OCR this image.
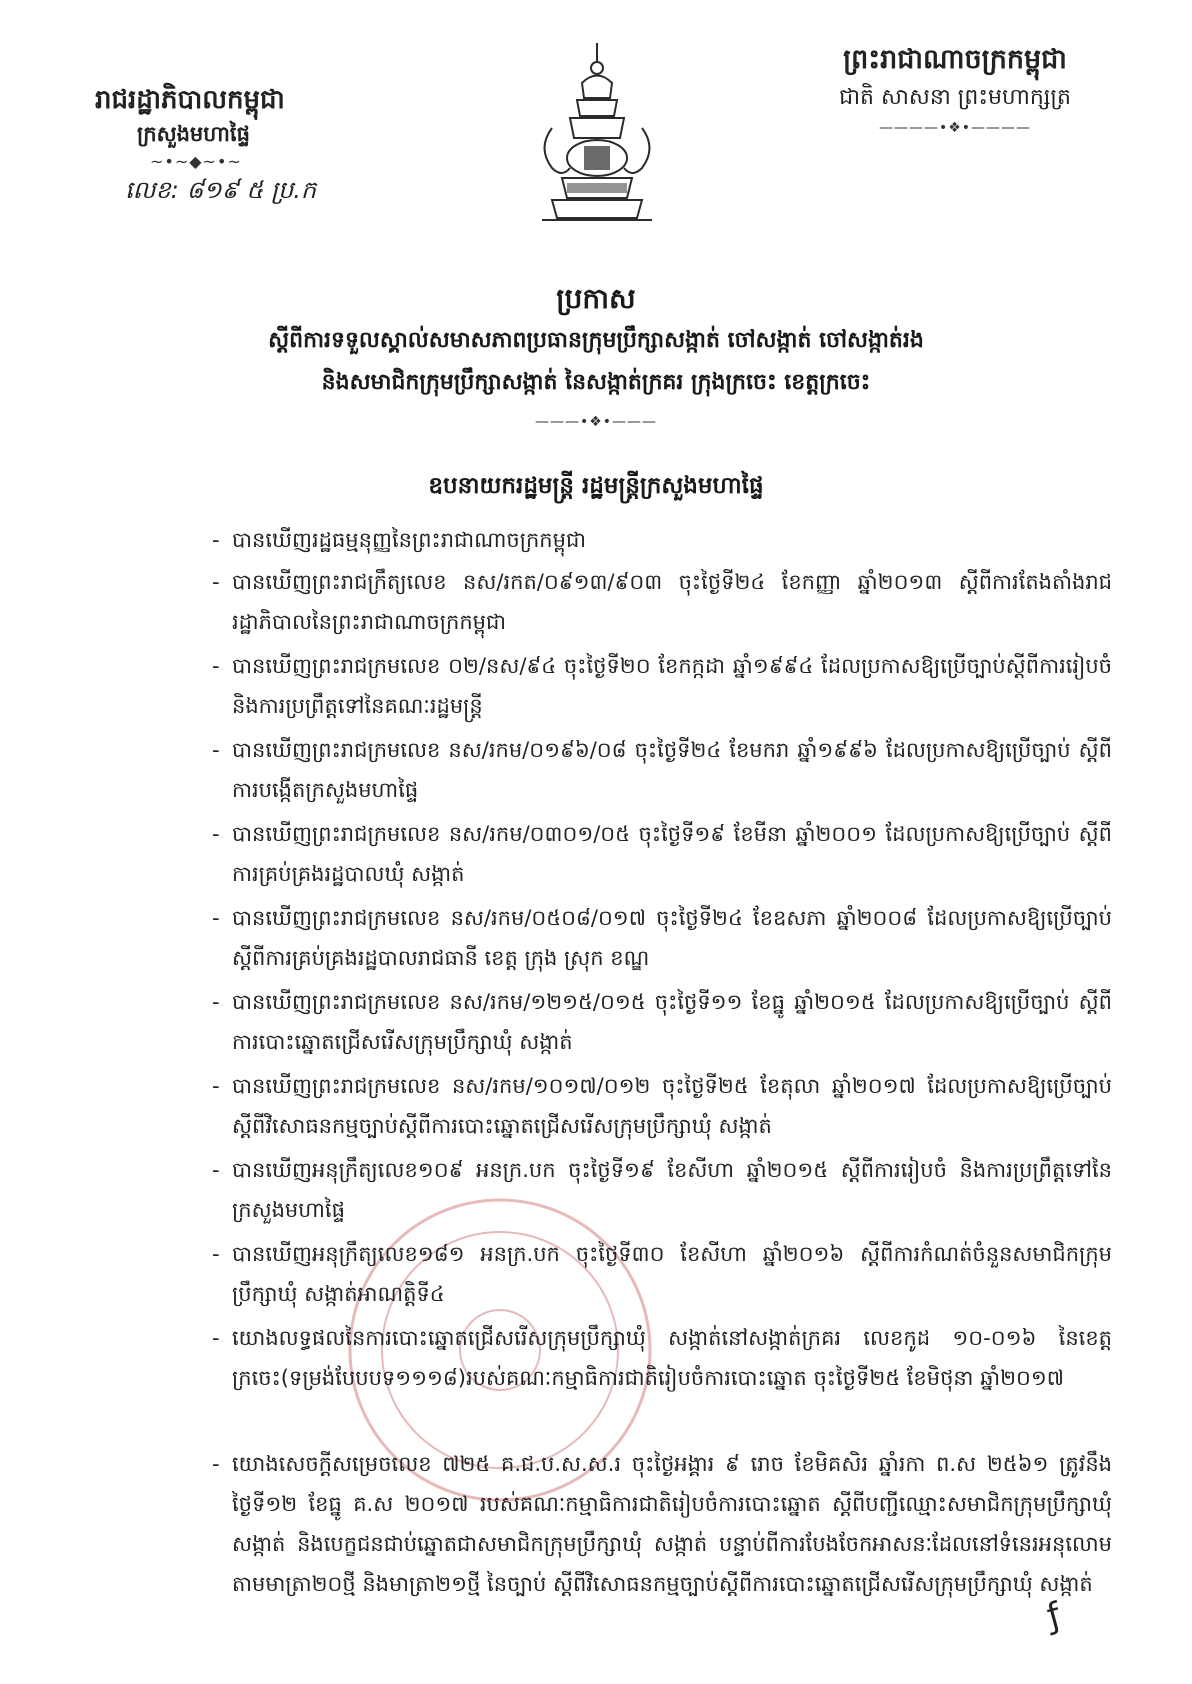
រាជរដ្ឋាភិបាលកម្ពុជា
ក្រសួងមហាផ្ទៃ
~•~◆~•~
លេខ: ៨១៩ ៥ ប្រ.ក
ព្រះរាជាណាចក្រកម្ពុជា
ជាតិ សាសនា ព្រះមហាក្សត្រ
————•❖•————
ប្រកាស
ស្តីពីការទទួលស្គាល់សមាសភាពប្រធានក្រុមប្រឹក្សាសង្កាត់ ចៅសង្កាត់ ចៅសង្កាត់រង
និងសមាជិកក្រុមប្រឹក្សាសង្កាត់ នៃសង្កាត់ក្រគរ ក្រុងក្រចេះ ខេត្តក្រចេះ
———•❖•———
ឧបនាយករដ្ឋមន្ត្រី រដ្ឋមន្ត្រីក្រសួងមហាផ្ទៃ
- បានឃើញរដ្ឋធម្មនុញ្ញនៃព្រះរាជាណាចក្រកម្ពុជា
- បានឃើញព្រះរាជក្រឹត្យលេខ នស/រកត/០៩១៣/៩០៣ ចុះថ្ងៃទី២៤ ខែកញ្ញា ឆ្នាំ២០១៣ ស្តីពីការតែងតាំងរាជរដ្ឋាភិបាលនៃព្រះរាជាណាចក្រកម្ពុជា
- បានឃើញព្រះរាជក្រមលេខ ០២/នស/៩៤ ចុះថ្ងៃទី២០ ខែកក្កដា ឆ្នាំ១៩៩៤ ដែលប្រកាសឱ្យប្រើច្បាប់ស្តីពីការរៀបចំ និងការប្រព្រឹត្តទៅនៃគណៈរដ្ឋមន្ត្រី
- បានឃើញព្រះរាជក្រមលេខ នស/រកម/០១៩៦/០៨ ចុះថ្ងៃទី២៤ ខែមករា ឆ្នាំ១៩៩៦ ដែលប្រកាសឱ្យប្រើច្បាប់ ស្តីពីការបង្កើតក្រសួងមហាផ្ទៃ
- បានឃើញព្រះរាជក្រមលេខ នស/រកម/០៣០១/០៥ ចុះថ្ងៃទី១៩ ខែមីនា ឆ្នាំ២០០១ ដែលប្រកាសឱ្យប្រើច្បាប់ ស្តីពីការគ្រប់គ្រងរដ្ឋបាលឃុំ សង្កាត់
- បានឃើញព្រះរាជក្រមលេខ នស/រកម/០៥០៨/០១៧ ចុះថ្ងៃទី២៤ ខែឧសភា ឆ្នាំ២០០៨ ដែលប្រកាសឱ្យប្រើច្បាប់ ស្តីពីការគ្រប់គ្រងរដ្ឋបាលរាជធានី ខេត្ត ក្រុង ស្រុក ខណ្ឌ
- បានឃើញព្រះរាជក្រមលេខ នស/រកម/១២១៥/០១៥ ចុះថ្ងៃទី១១ ខែធ្នូ ឆ្នាំ២០១៥ ដែលប្រកាសឱ្យប្រើច្បាប់ ស្តីពីការបោះឆ្នោតជ្រើសរើសក្រុមប្រឹក្សាឃុំ សង្កាត់
- បានឃើញព្រះរាជក្រមលេខ នស/រកម/១០១៧/០១២ ចុះថ្ងៃទី២៥ ខែតុលា ឆ្នាំ២០១៧ ដែលប្រកាសឱ្យប្រើច្បាប់ ស្តីពីវិសោធនកម្មច្បាប់ស្តីពីការបោះឆ្នោតជ្រើសរើសក្រុមប្រឹក្សាឃុំ សង្កាត់
- បានឃើញអនុក្រឹត្យលេខ១០៩ អនក្រ.បក ចុះថ្ងៃទី១៩ ខែសីហា ឆ្នាំ២០១៥ ស្តីពីការរៀបចំ និងការប្រព្រឹត្តទៅនៃក្រសួងមហាផ្ទៃ
- បានឃើញអនុក្រឹត្យលេខ១៨១ អនក្រ.បក ចុះថ្ងៃទី៣០ ខែសីហា ឆ្នាំ២០១៦ ស្តីពីការកំណត់ចំនួនសមាជិកក្រុមប្រឹក្សាឃុំ សង្កាត់អាណត្តិទី៤
- យោងលទ្ធផលនៃការបោះឆ្នោតជ្រើសរើសក្រុមប្រឹក្សាឃុំ សង្កាត់នៅសង្កាត់ក្រគរ លេខកូដ ១០-០១៦ នៃខេត្តក្រចេះ(ទម្រង់បែបបទ១១១៨)របស់គណៈកម្មាធិការជាតិរៀបចំការបោះឆ្នោត ចុះថ្ងៃទី២៥ ខែមិថុនា ឆ្នាំ២០១៧
- យោងសេចក្តីសម្រេចលេខ ៧២៥ គ.ជ.ប.ស.ស.រ ចុះថ្ងៃអង្គារ ៩ រោច ខែមិគសិរ ឆ្នាំរកា ព.ស ២៥៦១ ត្រូវនឹងថ្ងៃទី១២ ខែធ្នូ គ.ស ២០១៧ របស់គណៈកម្មាធិការជាតិរៀបចំការបោះឆ្នោត ស្តីពីបញ្ជីឈ្មោះសមាជិកក្រុមប្រឹក្សាឃុំ សង្កាត់ និងបេក្ខជនជាប់ឆ្នោតជាសមាជិកក្រុមប្រឹក្សាឃុំ សង្កាត់ បន្ទាប់ពីការបែងចែកអាសនៈដែលនៅទំនេរអនុលោមតាមមាត្រា២០ថ្មី និងមាត្រា២១ថ្មី នៃច្បាប់ ស្តីពីវិសោធនកម្មច្បាប់ស្តីពីការបោះឆ្នោតជ្រើសរើសក្រុមប្រឹក្សាឃុំ សង្កាត់
ƒ
